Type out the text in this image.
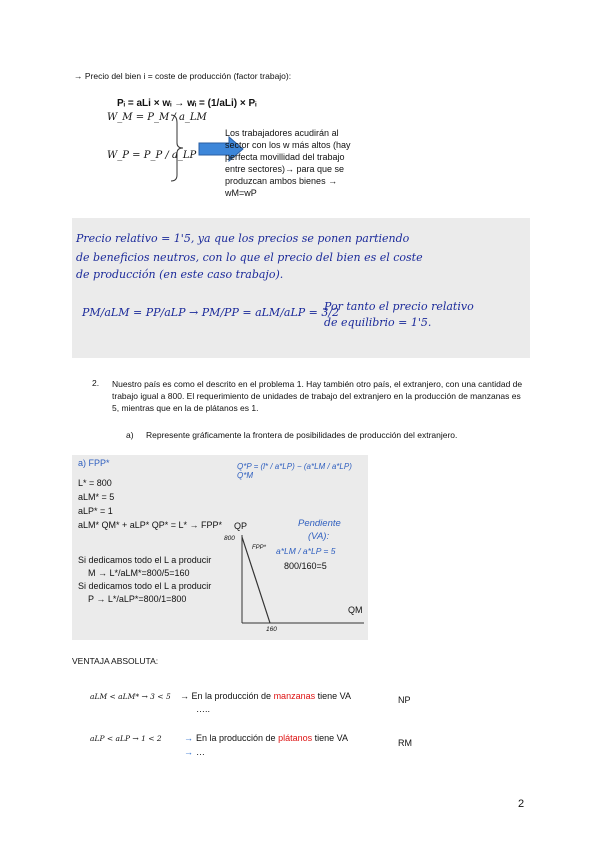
→ Precio del bien i = coste de producción (factor trabajo):
Pᵢ = aLi × wᵢ → wᵢ = (1/aLi) × Pᵢ
W_M = P_M / a_LM
W_P = P_P / a_LP
Los trabajadores acudirán al sector con los w más altos (hay perfecta movillidad del trabajo entre sectores)→ para que se produzcan ambos bienes → wM=wP
Precio relativo = 1'5, ya que los precios se ponen partiendo
de beneficios neutros, con lo que el precio del bien es el coste
de producción (en este caso trabajo).
PM/aLM = PP/aLP → PM/PP = aLM/aLP = 3/2
Por tanto el precio relativo
de equilibrio = 1'5.
2. Nuestro país es como el descrito en el problema 1. Hay también otro país, el extranjero, con una cantidad de trabajo igual a 800. El requerimiento de unidades de trabajo del extranjero en la producción de manzanas es 5, mientras que en la de plátanos es 1.
a) Represente gráficamente la frontera de posibilidades de producción del extranjero.
a) FPP*
L* = 800
aLM* = 5
aLP* = 1
aLM* QM* + aLP* QP* = L* → FPP*
Q*P = (l* / a*LP) − (a*LM / a*LP) Q*M
Si dedicamos todo el L a producir
M → L*/aLM*=800/5=160
Si dedicamos todo el L a producir
P → L*/aLP*=800/1=800
QP
QM
800
160
FPP*
Pendiente
(VA):
a*LM / a*LP = 5
800/160=5
VENTAJA ABSOLUTA:
aLM < aLM* → 3 < 5 → En la producción de manzanas tiene VA
…..
NP
aLP < aLP → 1 < 2 → En la producción de plátanos tiene VA
→ …
RM
2
